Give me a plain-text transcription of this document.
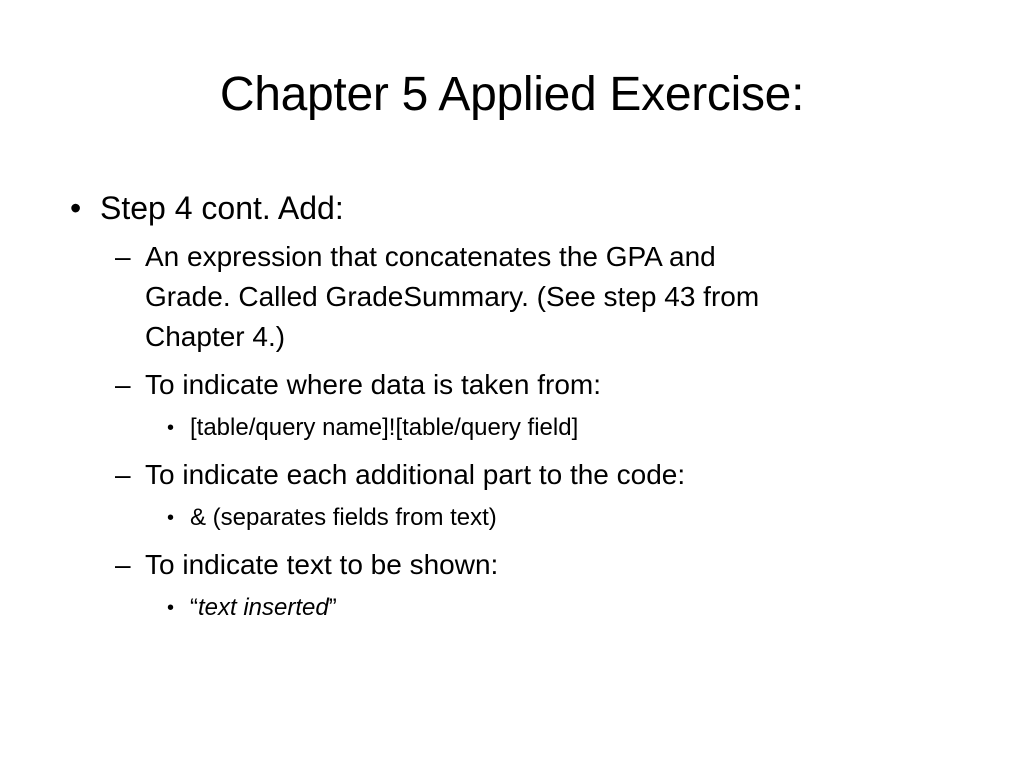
Chapter 5 Applied Exercise:
• Step 4 cont. Add:
– An expression that concatenates the GPA and
Grade. Called GradeSummary. (See step 43 from
Chapter 4.)
– To indicate where data is taken from:
• [table/query name]![table/query field]
– To indicate each additional part to the code:
• & (separates fields from text)
– To indicate text to be shown:
• “text inserted”
